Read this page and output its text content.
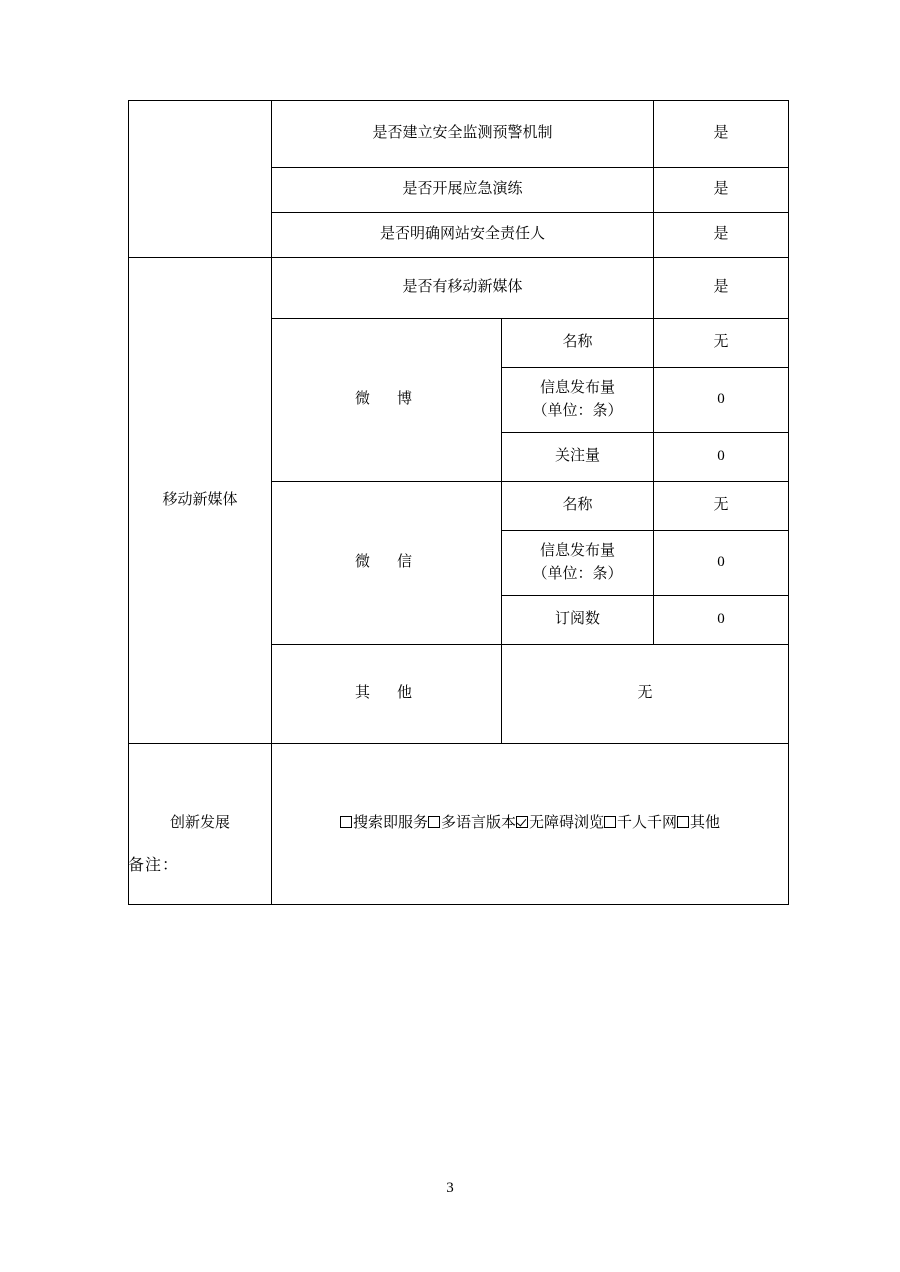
	是否建立安全监测预警机制		是
	是否开展应急演练		是
	是否明确网站安全责任人		是
移动新媒体	是否有移动新媒体		是
	微　博	名称	无

		信息发布量
（单位：条）	0
		关注量	0
	微　信	名称	无

		信息发布量
（单位：条）	0
		订阅数	0
	其　他	无	
创新发展	搜索即服务 多语言版本 无障碍浏览 千人千网 其他		
备注：
3
